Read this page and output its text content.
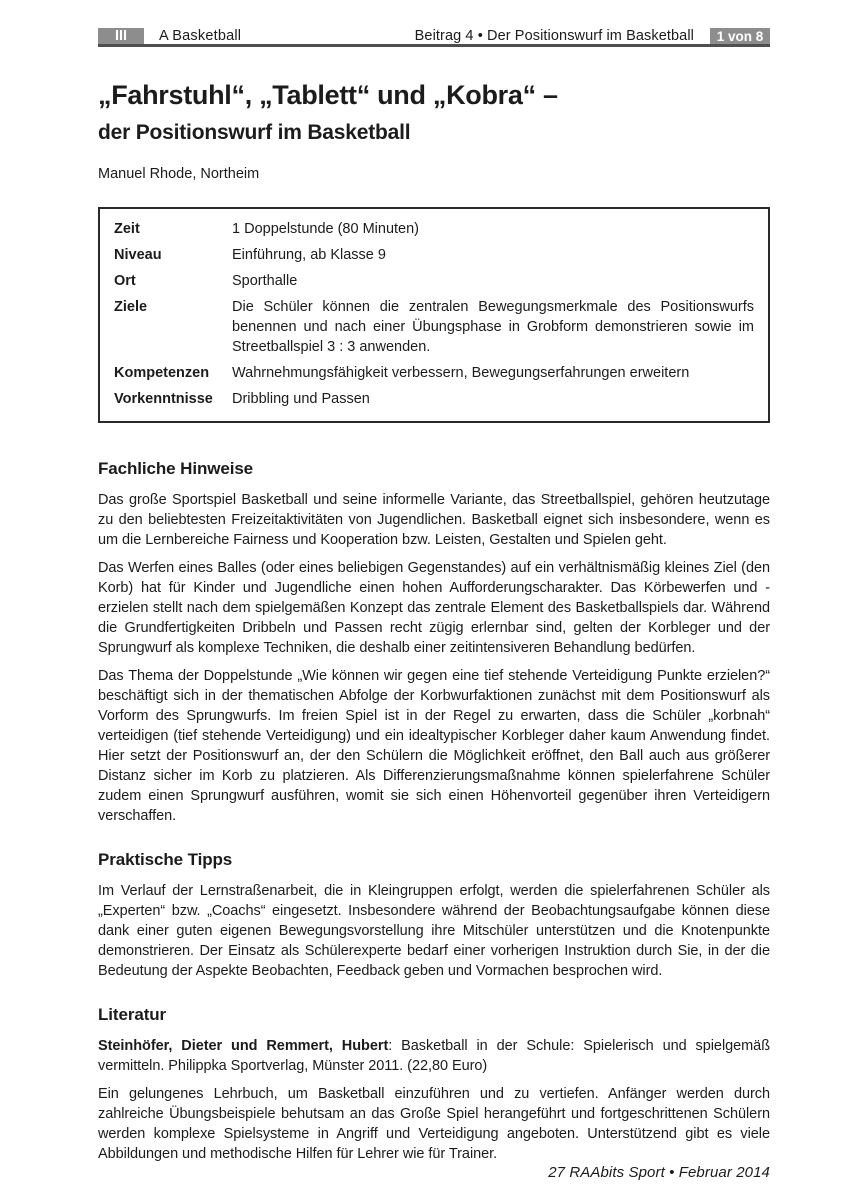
III	A Basketball	Beitrag 4 • Der Positionswurf im Basketball	1 von 8
„Fahrstuhl“, „Tablett“ und „Kobra“ –
der Positionswurf im Basketball
Manuel Rhode, Northeim
Zeit	1 Doppelstunde (80 Minuten)
Niveau	Einführung, ab Klasse 9
Ort	Sporthalle
Ziele	Die Schüler können die zentralen Bewegungsmerkmale des Positionswurfs benennen und nach einer Übungsphase in Grobform demonstrieren sowie im Streetballspiel 3 : 3 anwenden.
Kompetenzen	Wahrnehmungsfähigkeit verbessern, Bewegungserfahrungen erweitern
Vorkenntnisse	Dribbling und Passen
Fachliche Hinweise

Das große Sportspiel Basketball und seine informelle Variante, das Streetballspiel, gehören heutzutage zu den beliebtesten Freizeitaktivitäten von Jugendlichen. Basketball eignet sich insbesondere, wenn es um die Lernbereiche Fairness und Kooperation bzw. Leisten, Gestalten und Spielen geht.

Das Werfen eines Balles (oder eines beliebigen Gegenstandes) auf ein verhältnismäßig kleines Ziel (den Korb) hat für Kinder und Jugendliche einen hohen Aufforderungscharakter. Das Körbewerfen und -erzielen stellt nach dem spielgemäßen Konzept das zentrale Element des Basketballspiels dar. Während die Grundfertigkeiten Dribbeln und Passen recht zügig erlernbar sind, gelten der Korbleger und der Sprungwurf als komplexe Techniken, die deshalb einer zeitintensiveren Behandlung bedürfen.

Das Thema der Doppelstunde „Wie können wir gegen eine tief stehende Verteidigung Punkte erzielen?“ beschäftigt sich in der thematischen Abfolge der Korbwurfaktionen zunächst mit dem Positionswurf als Vorform des Sprungwurfs. Im freien Spiel ist in der Regel zu erwarten, dass die Schüler „korbnah“ verteidigen (tief stehende Verteidigung) und ein idealtypischer Korbleger daher kaum Anwendung findet. Hier setzt der Positionswurf an, der den Schülern die Möglichkeit eröffnet, den Ball auch aus größerer Distanz sicher im Korb zu platzieren. Als Differenzierungsmaßnahme können spielerfahrene Schüler zudem einen Sprungwurf ausführen, womit sie sich einen Höhenvorteil gegenüber ihren Verteidigern verschaffen.

Praktische Tipps

Im Verlauf der Lernstraßenarbeit, die in Kleingruppen erfolgt, werden die spielerfahrenen Schüler als „Experten“ bzw. „Coachs“ eingesetzt. Insbesondere während der Beobachtungsaufgabe können diese dank einer guten eigenen Bewegungsvorstellung ihre Mitschüler unterstützen und die Knotenpunkte demonstrieren. Der Einsatz als Schülerexperte bedarf einer vorherigen Instruktion durch Sie, in der die Bedeutung der Aspekte Beobachten, Feedback geben und Vormachen besprochen wird.

Literatur

Steinhöfer, Dieter und Remmert, Hubert: Basketball in der Schule: Spielerisch und spielgemäß vermitteln. Philippka Sportverlag, Münster 2011. (22,80 Euro)

Ein gelungenes Lehrbuch, um Basketball einzuführen und zu vertiefen. Anfänger werden durch zahlreiche Übungsbeispiele behutsam an das Große Spiel herangeführt und fortgeschrittenen Schülern werden komplexe Spielsysteme in Angriff und Verteidigung angeboten. Unterstützend gibt es viele Abbildungen und methodische Hilfen für Lehrer wie für Trainer.

27 RAAbits Sport • Februar 2014
